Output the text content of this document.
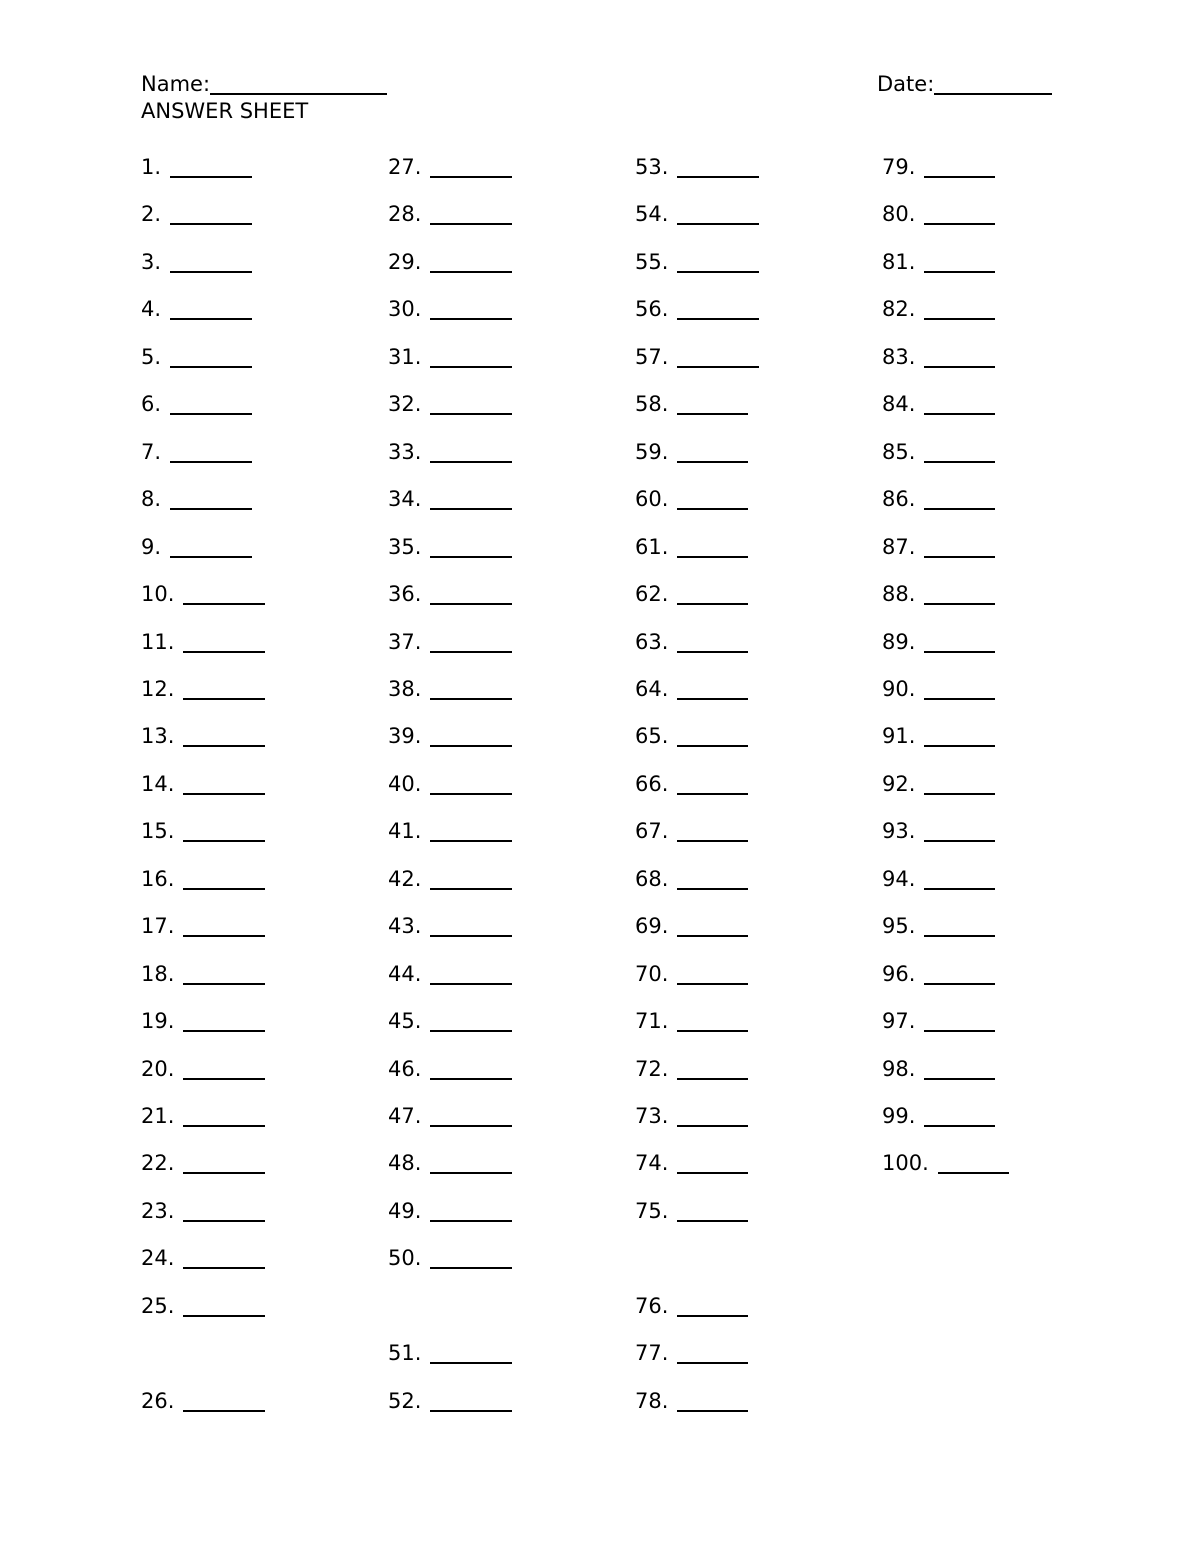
Name:	Date:
ANSWER SHEET
1.
2.
3.
4.
5.
6.
7.
8.
9.
10.
11.
12.
13.
14.
15.
16.
17.
18.
19.
20.
21.
22.
23.
24.
25.
26.
27.
28.
29.
30.
31.
32.
33.
34.
35.
36.
37.
38.
39.
40.
41.
42.
43.
44.
45.
46.
47.
48.
49.
50.
51.
52.
53.
54.
55.
56.
57.
58.
59.
60.
61.
62.
63.
64.
65.
66.
67.
68.
69.
70.
71.
72.
73.
74.
75.
76.
77.
78.
79.
80.
81.
82.
83.
84.
85.
86.
87.
88.
89.
90.
91.
92.
93.
94.
95.
96.
97.
98.
99.
100.
